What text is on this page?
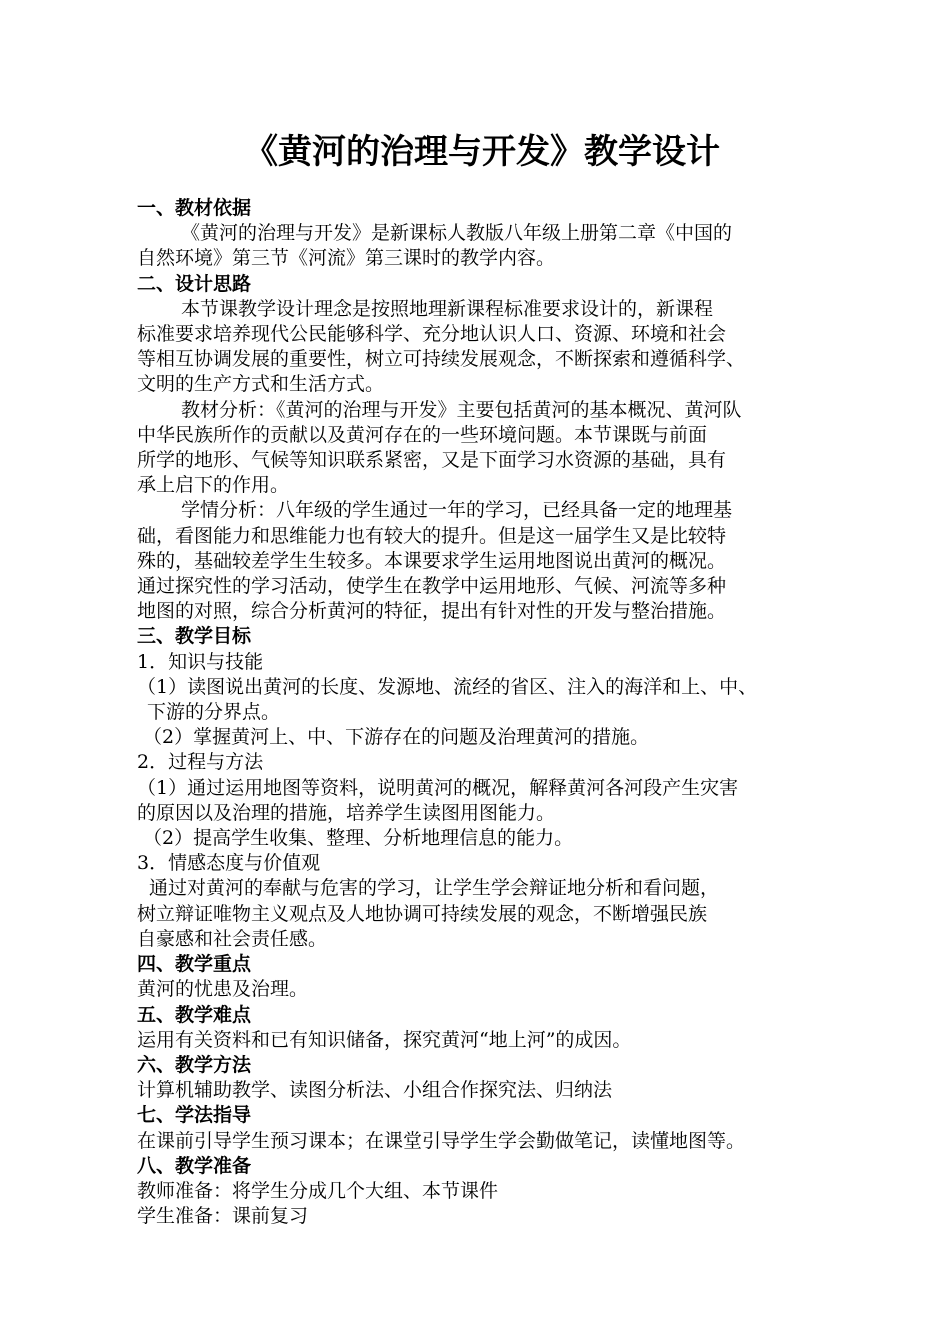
《黄河的治理与开发》教学设计

一、教材依据

《黄河的治理与开发》是新课标人教版八年级上册第二章《中国的

自然环境》第三节《河流》第三课时的教学内容。

二、设计思路

本节课教学设计理念是按照地理新课程标准要求设计的，新课程

标准要求培养现代公民能够科学、充分地认识人口、资源、环境和社会

等相互协调发展的重要性，树立可持续发展观念，不断探索和遵循科学、

文明的生产方式和生活方式。

教材分析：《黄河的治理与开发》主要包括黄河的基本概况、黄河队

中华民族所作的贡献以及黄河存在的一些环境问题。本节课既与前面

所学的地形、气候等知识联系紧密，又是下面学习水资源的基础，具有

承上启下的作用。

学情分析：八年级的学生通过一年的学习，已经具备一定的地理基

础，看图能力和思维能力也有较大的提升。但是这一届学生又是比较特

殊的，基础较差学生生较多。本课要求学生运用地图说出黄河的概况。

通过探究性的学习活动，使学生在教学中运用地形、气候、河流等多种

地图的对照，综合分析黄河的特征，提出有针对性的开发与整治措施。

三、教学目标

1．知识与技能

（1）读图说出黄河的长度、发源地、流经的省区、注入的海洋和上、中、

下游的分界点。

（2）掌握黄河上、中、下游存在的问题及治理黄河的措施。

2．过程与方法

（1）通过运用地图等资料，说明黄河的概况，解释黄河各河段产生灾害

的原因以及治理的措施，培养学生读图用图能力。

（2）提高学生收集、整理、分析地理信息的能力。

3．情感态度与价值观

通过对黄河的奉献与危害的学习，让学生学会辩证地分析和看问题，

树立辩证唯物主义观点及人地协调可持续发展的观念，不断增强民族

自豪感和社会责任感。

四、教学重点

黄河的忧患及治理。

五、教学难点

运用有关资料和已有知识储备，探究黄河“地上河”的成因。

六、教学方法

计算机辅助教学、读图分析法、小组合作探究法、归纳法

七、学法指导

在课前引导学生预习课本；在课堂引导学生学会勤做笔记，读懂地图等。

八、教学准备

教师准备：将学生分成几个大组、本节课件

学生准备：课前复习
